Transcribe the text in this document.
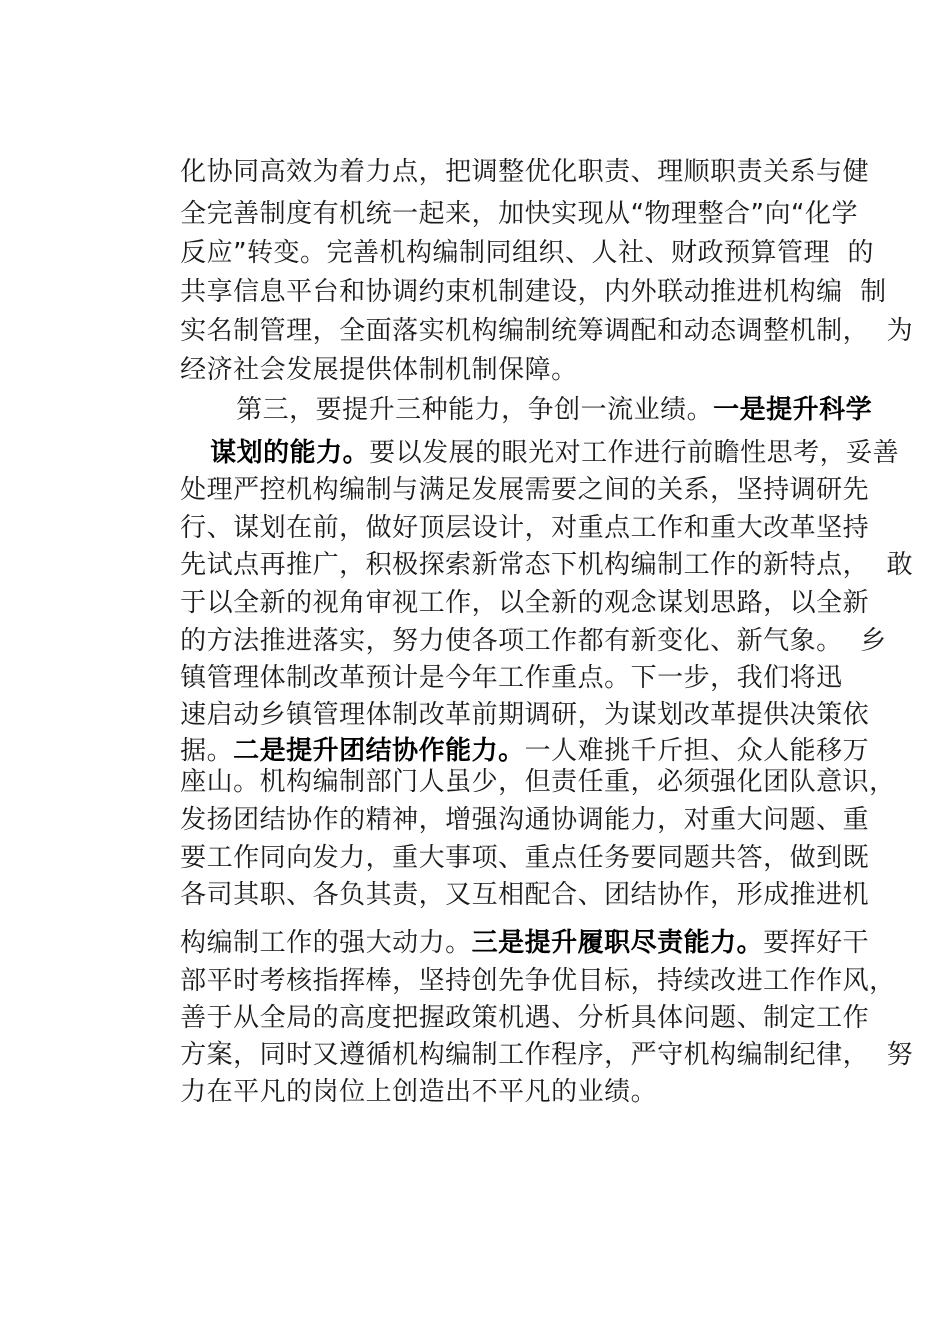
化协同高效为着力点，把调整优化职责、理顺职责关系与健

全完善制度有机统一起来，加快实现从“物理整合”向“化学

反应”转变。完善机构编制同组织、人社、财政预算管理  的

共享信息平台和协调约束机制建设，内外联动推进机构编  制

实名制管理，全面落实机构编制统筹调配和动态调整机制，  为

经济社会发展提供体制机制保障。

第三，要提升三种能力，争创一流业绩。一是提升科学

谋划的能力。要以发展的眼光对工作进行前瞻性思考，妥善

处理严控机构编制与满足发展需要之间的关系，坚持调研先

行、谋划在前，做好顶层设计，对重点工作和重大改革坚持

先试点再推广，积极探索新常态下机构编制工作的新特点，  敢

于以全新的视角审视工作，以全新的观念谋划思路，以全新

的方法推进落实，努力使各项工作都有新变化、新气象。  乡

镇管理体制改革预计是今年工作重点。下一步，我们将迅

速启动乡镇管理体制改革前期调研，为谋划改革提供决策依

据。二是提升团结协作能力。一人难挑千斤担、众人能移万

座山。机构编制部门人虽少，但责任重，必须强化团队意识，

发扬团结协作的精神，增强沟通协调能力，对重大问题、重

要工作同向发力，重大事项、重点任务要同题共答，做到既

各司其职、各负其责，又互相配合、团结协作，形成推进机

构编制工作的强大动力。三是提升履职尽责能力。要挥好干

部平时考核指挥棒，坚持创先争优目标，持续改进工作作风，

善于从全局的高度把握政策机遇、分析具体问题、制定工作

方案，同时又遵循机构编制工作程序，严守机构编制纪律，  努

力在平凡的岗位上创造出不平凡的业绩。
